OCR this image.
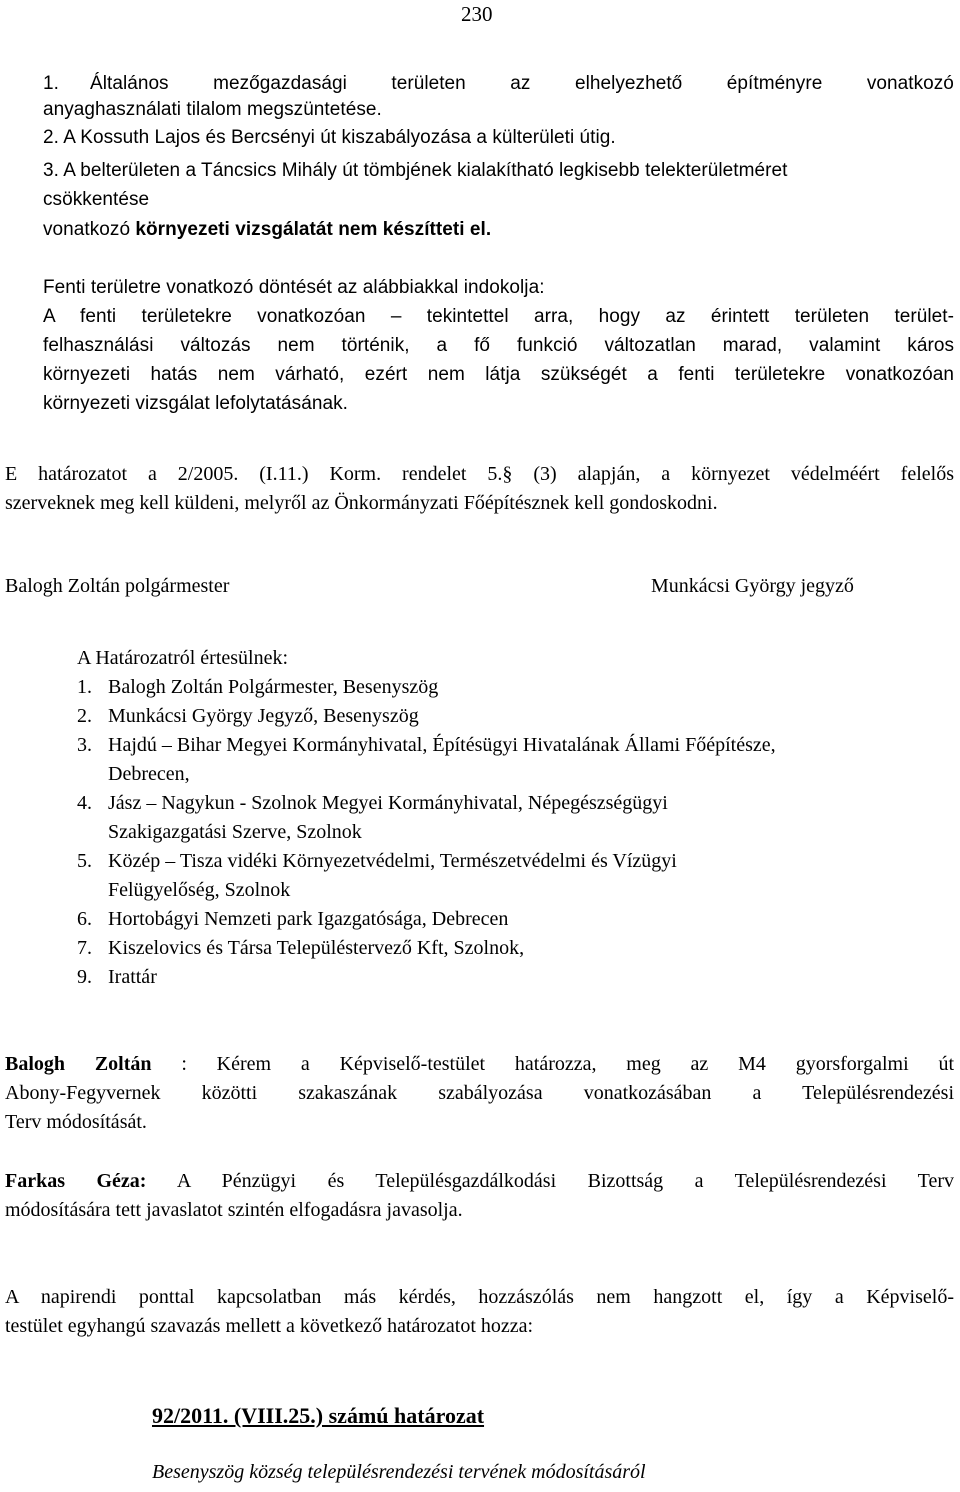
230
1. Általános mezőgazdasági területen az elhelyezhető építményre vonatkozó
anyaghasználati tilalom megszüntetése.
2. A Kossuth Lajos és Bercsényi út kiszabályozása a külterületi útig.
3. A belterületen a Táncsics Mihály út tömbjének kialakítható legkisebb telekterületméret
csökkentése
vonatkozó környezeti vizsgálatát nem készítteti el.
Fenti területre vonatkozó döntését az alábbiakkal indokolja:
A fenti területekre vonatkozóan – tekintettel arra, hogy az érintett területen terület-
felhasználási változás nem történik, a fő funkció változatlan marad, valamint káros
környezeti hatás nem várható, ezért nem látja szükségét a fenti területekre vonatkozóan
környezeti vizsgálat lefolytatásának.
E határozatot a 2/2005. (I.11.) Korm. rendelet 5.§ (3) alapján, a környezet védelméért felelős
szerveknek meg kell küldeni, melyről az Önkormányzati Főépítésznek kell gondoskodni.
Balogh Zoltán polgármester	Munkácsi György jegyző
A Határozatról értesülnek:
1. Balogh Zoltán Polgármester, Besenyszög
2. Munkácsi György Jegyző, Besenyszög
3. Hajdú – Bihar Megyei Kormányhivatal, Építésügyi Hivatalának Állami Főépítésze,
Debrecen,
4. Jász – Nagykun - Szolnok Megyei Kormányhivatal, Népegészségügyi
Szakigazgatási Szerve, Szolnok
5. Közép – Tisza vidéki Környezetvédelmi, Természetvédelmi és Vízügyi
Felügyelőség, Szolnok
6. Hortobágyi Nemzeti park Igazgatósága, Debrecen
7. Kiszelovics és Társa Településtervező Kft, Szolnok,
9. Irattár
Balogh Zoltán : Kérem a Képviselő-testület határozza, meg az M4 gyorsforgalmi út
Abony-Fegyvernek közötti szakaszának szabályozása vonatkozásában a Településrendezési
Terv módosítását.
Farkas Géza: A Pénzügyi és Településgazdálkodási Bizottság a Településrendezési Terv
módosítására tett javaslatot szintén elfogadásra javasolja.
A napirendi ponttal kapcsolatban más kérdés, hozzászólás nem hangzott el, így a Képviselő-
testület egyhangú szavazás mellett a következő határozatot hozza:
92/2011. (VIII.25.) számú határozat
Besenyszög község településrendezési tervének módosításáról
